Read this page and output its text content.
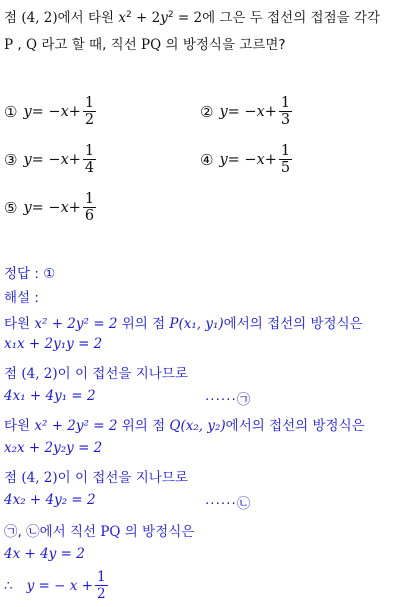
점 (4, 2)에서 타원 $x^2 + 2y^2 = 2$에 그은 두 접선의 접점을 각각
P , Q 라고 할 때, 직선 PQ 의 방정식을 고르면?
① y = − $x + \frac{1}{2}$	② y = − $x + \frac{1}{3}$
③ y = − $x + \frac{1}{4}$	④ y = − $x + \frac{1}{5}$
⑤ y = − $x + \frac{1}{6}$
정답 : ①
해설 :
타원 x² + 2y² = 2 위의 점 P(x₁, y₁)에서의 접선의 방정식은
x₁x + 2y₁y = 2
점 (4, 2)이 이 접선을 지나므로
4x₁ + 4y₁ = 2	······㉠
타원 x² + 2y² = 2 위의 점 Q(x₂, y₂)에서의 접선의 방정식은
x₂x + 2y₂y = 2
점 (4, 2)이 이 접선을 지나므로
4x₂ + 4y₂ = 2	······㉡
㉠, ㉡에서 직선 PQ 의 방정식은
4x + 4y = 2
∴ y = − $x + \frac{1}{2}$
